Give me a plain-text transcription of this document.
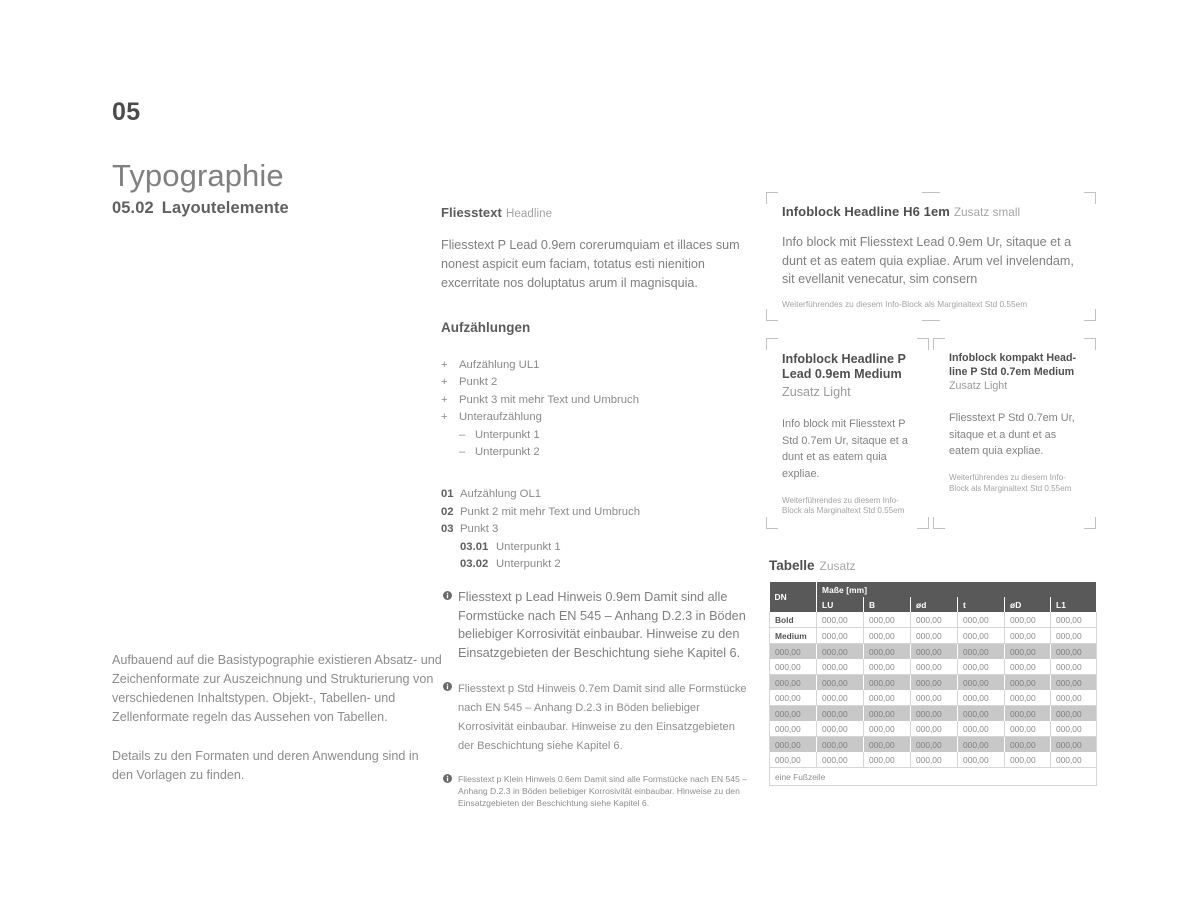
05
Typographie
05.02 Layoutelemente

Aufbauend auf die Basistypographie existieren Absatz- und Zeichenformate zur Auszeichnung und Strukturierung von verschiedenen Inhaltstypen. Objekt-, Tabellen- und Zellenformate regeln das Aussehen von Tabellen.

Details zu den Formaten und deren Anwendung sind in den Vorlagen zu finden.

Fliesstext Headline
Fliesstext P Lead 0.9em corerumquiam et illaces sum nonest aspicit eum faciam, totatus esti nienition excerritate nos doluptatus arum il magnisquia.
Aufzählungen
+	Aufzählung UL1
+	Punkt 2
+	Punkt 3 mit mehr Text und Umbruch
+	Unteraufzählung
– Unterpunkt 1
– Unterpunkt 2
01 Aufzählung OL1
02 Punkt 2 mit mehr Text und Umbruch
03 Punkt 3
03.01 Unterpunkt 1
03.02 Unterpunkt 2
Fliesstext p Lead Hinweis 0.9em Damit sind alle Formstücke nach EN 545 – Anhang D.2.3 in Böden beliebiger Korrosivität einbaubar. Hinweise zu den Einsatzgebieten der Beschichtung siehe Kapitel 6.
Fliesstext p Std Hinweis 0.7em Damit sind alle Formstücke nach EN 545 – Anhang D.2.3 in Böden beliebiger Korrosivität einbaubar. Hinweise zu den Einsatzgebieten der Beschichtung siehe Kapitel 6.
Fliesstext p Klein Hinweis 0.6em Damit sind alle Formstücke nach EN 545 – Anhang D.2.3 in Böden beliebiger Korrosivität einbaubar. Hinweise zu den Einsatzgebieten der Beschichtung siehe Kapitel 6.
Infoblock Headline H6 1em Zusatz small
Info block mit Fliesstext Lead 0.9em Ur, sitaque et a dunt et as eatem quia expliae. Arum vel invelendam, sit evellanit venecatur, sim consern
Weiterführendes zu diesem Info-Block als Marginaltext Std 0.55em
Infoblock Headline P Lead 0.9em Medium
Zusatz Light
Info block mit Fliesstext P Std 0.7em Ur, sitaque et a dunt et as eatem quia expliae.
Weiterführendes zu diesem Info-Block als Marginaltext Std 0.55em
Infoblock kompakt Head-line P Std 0.7em Medium
Zusatz Light
Fliesstext P Std 0.7em Ur, sitaque et a dunt et as eatem quia expliae.
Weiterführendes zu diesem Info-Block als Marginaltext Std 0.55em
Tabelle Zusatz
DN	Maße [mm]					
	LU	B	ød	t	øD	L1
Bold	000,00	000,00	000,00	000,00	000,00	000,00
Medium	000,00	000,00	000,00	000,00	000,00	000,00
000,00	000,00	000,00	000,00	000,00	000,00	000,00
000,00	000,00	000,00	000,00	000,00	000,00	000,00
000,00	000,00	000,00	000,00	000,00	000,00	000,00
000,00	000,00	000,00	000,00	000,00	000,00	000,00
000,00	000,00	000,00	000,00	000,00	000,00	000,00
000,00	000,00	000,00	000,00	000,00	000,00	000,00
000,00	000,00	000,00	000,00	000,00	000,00	000,00
000,00	000,00	000,00	000,00	000,00	000,00	000,00
eine Fußzeile						
